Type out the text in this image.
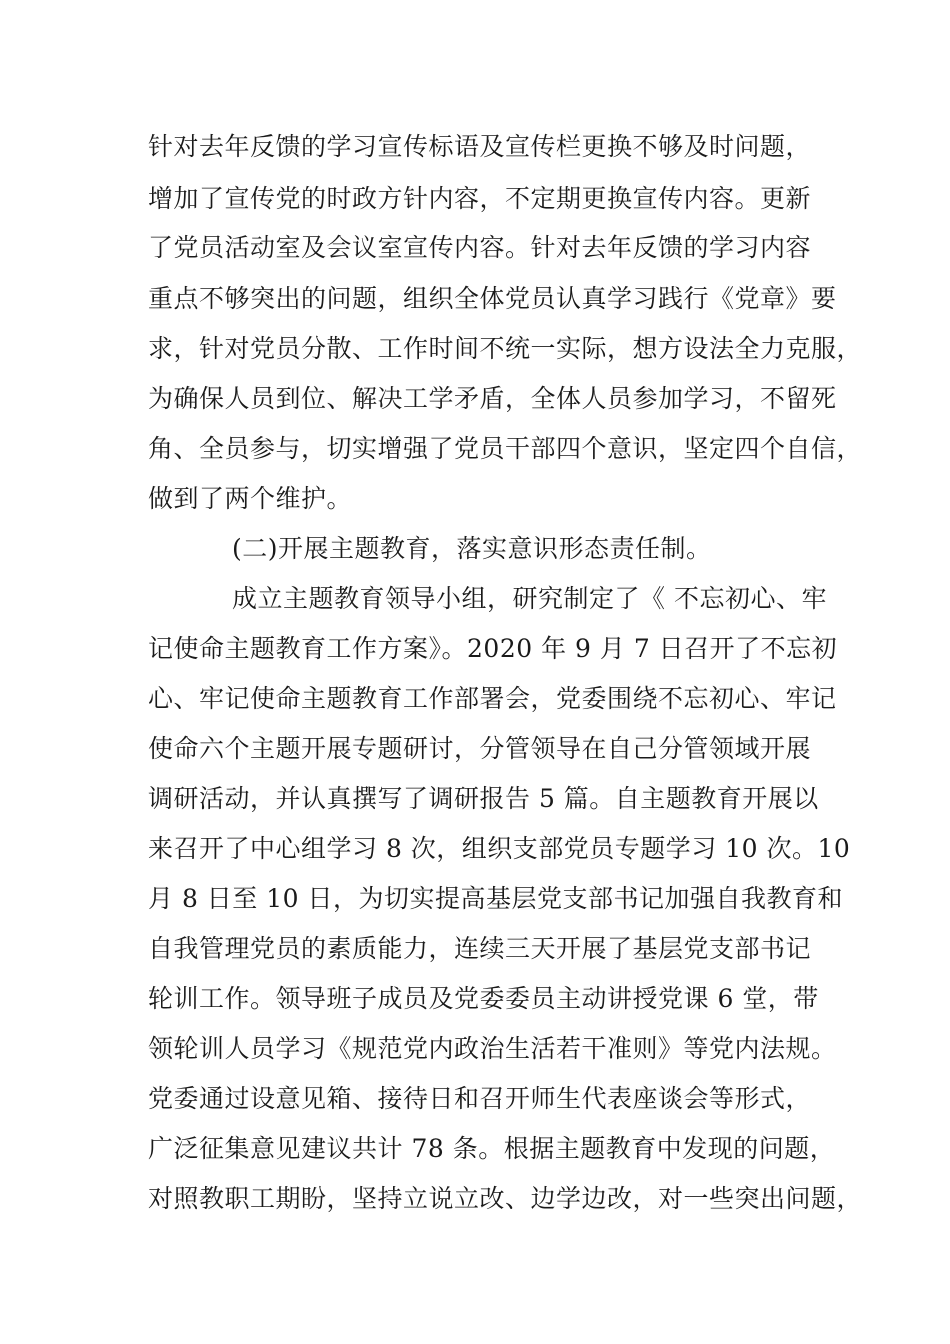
针对去年反馈的学习宣传标语及宣传栏更换不够及时问题，
增加了宣传党的时政方针内容，不定期更换宣传内容。更新
了党员活动室及会议室宣传内容。针对去年反馈的学习内容
重点不够突出的问题，组织全体党员认真学习践行《党章》要
求，针对党员分散、工作时间不统一实际，想方设法全力克服，
为确保人员到位、解决工学矛盾，全体人员参加学习，不留死
角、全员参与，切实增强了党员干部四个意识，坚定四个自信，
做到了两个维护。
(二)开展主题教育，落实意识形态责任制。
成立主题教育领导小组，研究制定了《 不忘初心、牢
记使命主题教育工作方案》。2020 年 9 月 7 日召开了不忘初
心、牢记使命主题教育工作部署会，党委围绕不忘初心、牢记
使命六个主题开展专题研讨，分管领导在自己分管领域开展
调研活动，并认真撰写了调研报告 5 篇。自主题教育开展以
来召开了中心组学习 8 次，组织支部党员专题学习 10 次。10
月 8 日至 10 日，为切实提高基层党支部书记加强自我教育和
自我管理党员的素质能力，连续三天开展了基层党支部书记
轮训工作。领导班子成员及党委委员主动讲授党课 6 堂，带
领轮训人员学习《规范党内政治生活若干准则》等党内法规。
党委通过设意见箱、接待日和召开师生代表座谈会等形式，
广泛征集意见建议共计 78 条。根据主题教育中发现的问题，
对照教职工期盼，坚持立说立改、边学边改，对一些突出问题，
